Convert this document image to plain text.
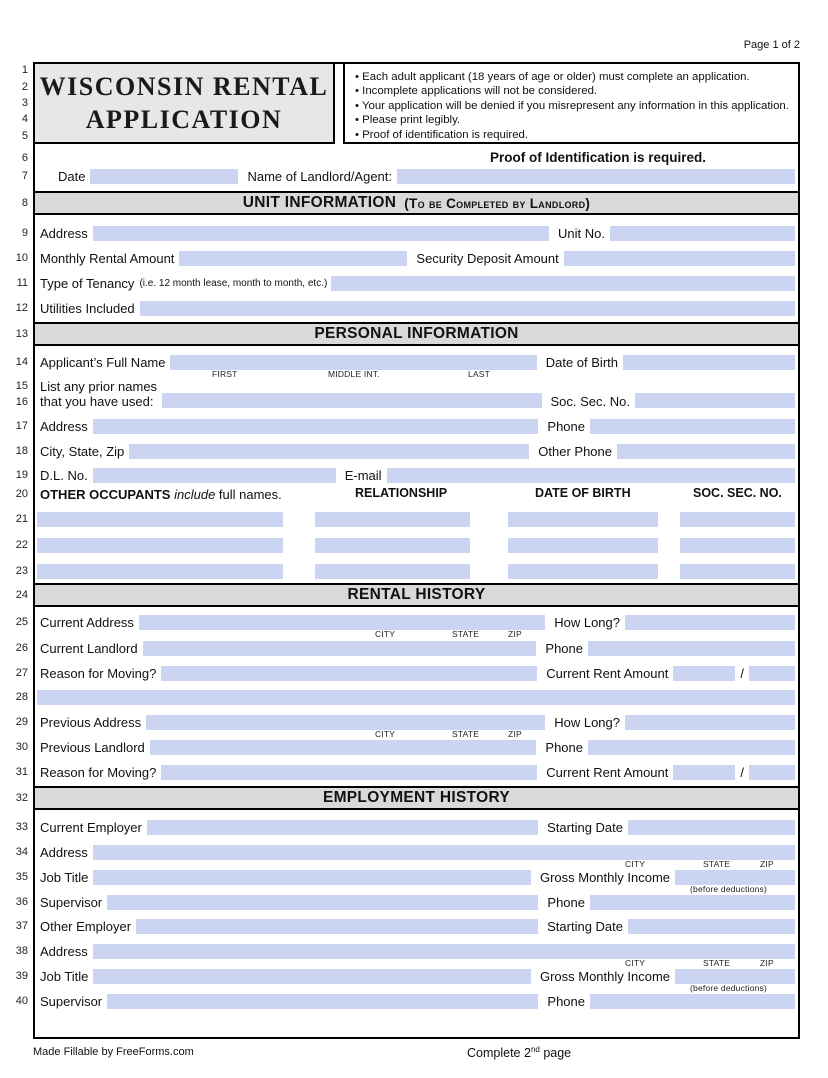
Page 1 of 2
WISCONSIN RENTAL
APPLICATION
• Each adult applicant (18 years of age or older) must complete an application.
• Incomplete applications will not be considered.
• Your application will be denied if you misrepresent any information in this application.
• Please print legibly.
• Proof of identification is required.
Proof of Identification is required.
Date	Name of Landlord/Agent:
UNIT INFORMATION (To be Completed by Landlord)
Address	Unit No.
Monthly Rental Amount	Security Deposit Amount
Type of Tenancy (i.e. 12 month lease, month to month, etc.)
Utilities Included
PERSONAL INFORMATION
Applicant’s Full Name	Date of Birth
FIRST	MIDDLE INT.	LAST
List any prior names
that you have used:	Soc. Sec. No.
Address	Phone
City, State, Zip	Other Phone
D.L. No.	E-mail
OTHER OCCUPANTS include full names.	RELATIONSHIP	DATE OF BIRTH	SOC. SEC. NO.
RENTAL HISTORY
Current Address	How Long?
CITY	STATE	ZIP
Current Landlord	Phone
Reason for Moving?	Current Rent Amount	/
Previous Address	How Long?
CITY	STATE	ZIP
Previous Landlord	Phone
Reason for Moving?	Current Rent Amount	/
EMPLOYMENT HISTORY
Current Employer	Starting Date
Address
CITY	STATE	ZIP
Job Title	Gross Monthly Income
(before deductions)
Supervisor	Phone
Other Employer	Starting Date
Address
CITY	STATE	ZIP
Job Title	Gross Monthly Income
(before deductions)
Supervisor	Phone
1
2
3
4
5
6
7
8
9
10
11
12
13
14
15
16
17
18
19
20
21
22
23
24
25
26
27
28
29
30
31
32
33
34
35
36
37
38
39
40
Made Fillable by FreeForms.com	Complete 2nd page
